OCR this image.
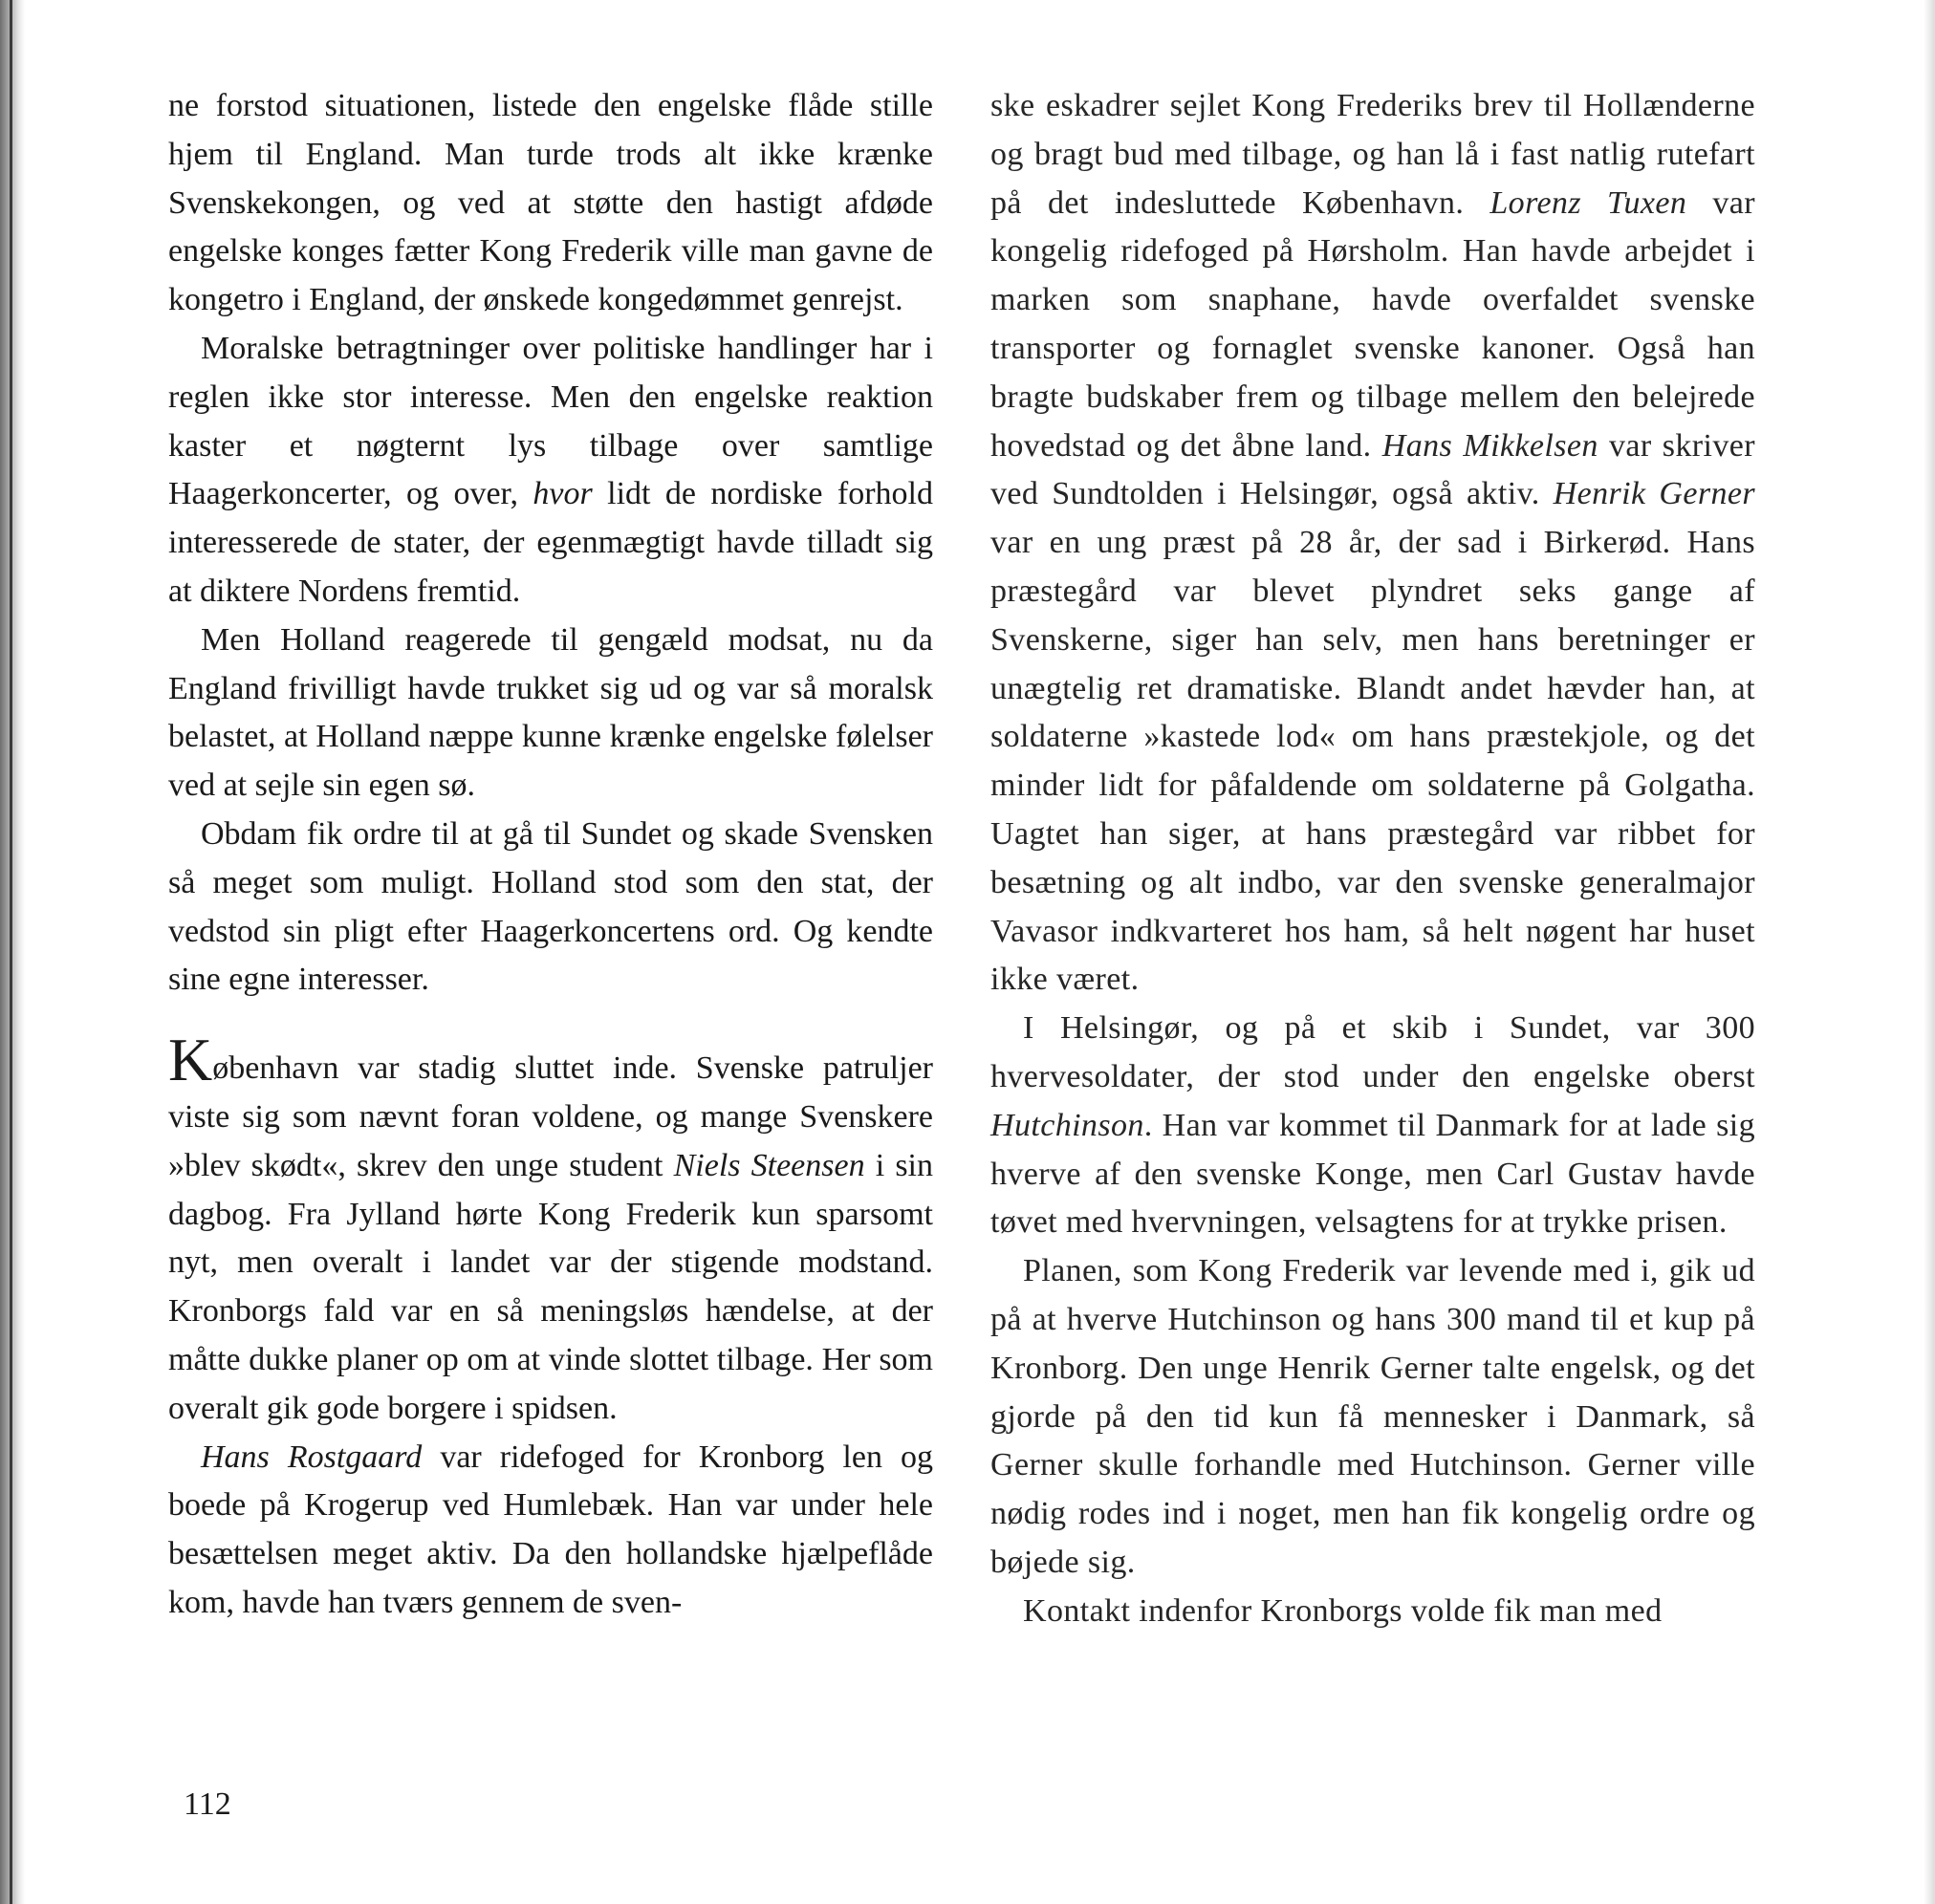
ne forstod situationen, listede den engelske flåde stille hjem til England. Man turde trods alt ikke krænke Svenskekongen, og ved at støtte den hastigt afdøde engelske konges fætter Kong Frederik ville man gavne de kongetro i England, der ønskede kongedømmet genrejst.

Moralske betragtninger over politiske handlinger har i reglen ikke stor interesse. Men den engelske reaktion kaster et nøgternt lys tilbage over samtlige Haagerkoncerter, og over, hvor lidt de nordiske forhold interesserede de stater, der egenmægtigt havde tilladt sig at diktere Nordens fremtid.

Men Holland reagerede til gengæld modsat, nu da England frivilligt havde trukket sig ud og var så moralsk belastet, at Holland næppe kunne krænke engelske følelser ved at sejle sin egen sø.

Obdam fik ordre til at gå til Sundet og skade Svensken så meget som muligt. Holland stod som den stat, der vedstod sin pligt efter Haagerkoncertens ord. Og kendte sine egne interesser.

København var stadig sluttet inde. Svenske patruljer viste sig som nævnt foran voldene, og mange Svenskere »blev skødt«, skrev den unge student Niels Steensen i sin dagbog. Fra Jylland hørte Kong Frederik kun sparsomt nyt, men overalt i landet var der stigende modstand. Kronborgs fald var en så meningsløs hændelse, at der måtte dukke planer op om at vinde slottet tilbage. Her som overalt gik gode borgere i spidsen.

Hans Rostgaard var ridefoged for Kronborg len og boede på Krogerup ved Humlebæk. Han var under hele besættelsen meget aktiv. Da den hollandske hjælpeflåde kom, havde han tværs gennem de sven-

ske eskadrer sejlet Kong Frederiks brev til Hollænderne og bragt bud med tilbage, og han lå i fast natlig rutefart på det indesluttede København. Lorenz Tuxen var kongelig ridefoged på Hørsholm. Han havde arbejdet i marken som snaphane, havde overfaldet svenske transporter og fornaglet svenske kanoner. Også han bragte budskaber frem og tilbage mellem den belejrede hovedstad og det åbne land. Hans Mikkelsen var skriver ved Sundtolden i Helsingør, også aktiv. Henrik Gerner var en ung præst på 28 år, der sad i Birkerød. Hans præstegård var blevet plyndret seks gange af Svenskerne, siger han selv, men hans beretninger er unægtelig ret dramatiske. Blandt andet hævder han, at soldaterne »kastede lod« om hans præstekjole, og det minder lidt for påfaldende om soldaterne på Golgatha. Uagtet han siger, at hans præstegård var ribbet for besætning og alt indbo, var den svenske generalmajor Vavasor indkvarteret hos ham, så helt nøgent har huset ikke været.

I Helsingør, og på et skib i Sundet, var 300 hvervesoldater, der stod under den engelske oberst Hutchinson. Han var kommet til Danmark for at lade sig hverve af den svenske Konge, men Carl Gustav havde tøvet med hvervningen, velsagtens for at trykke prisen.

Planen, som Kong Frederik var levende med i, gik ud på at hverve Hutchinson og hans 300 mand til et kup på Kronborg. Den unge Henrik Gerner talte engelsk, og det gjorde på den tid kun få mennesker i Danmark, så Gerner skulle forhandle med Hutchinson. Gerner ville nødig rodes ind i noget, men han fik kongelig ordre og bøjede sig.

Kontakt indenfor Kronborgs volde fik man med

112
